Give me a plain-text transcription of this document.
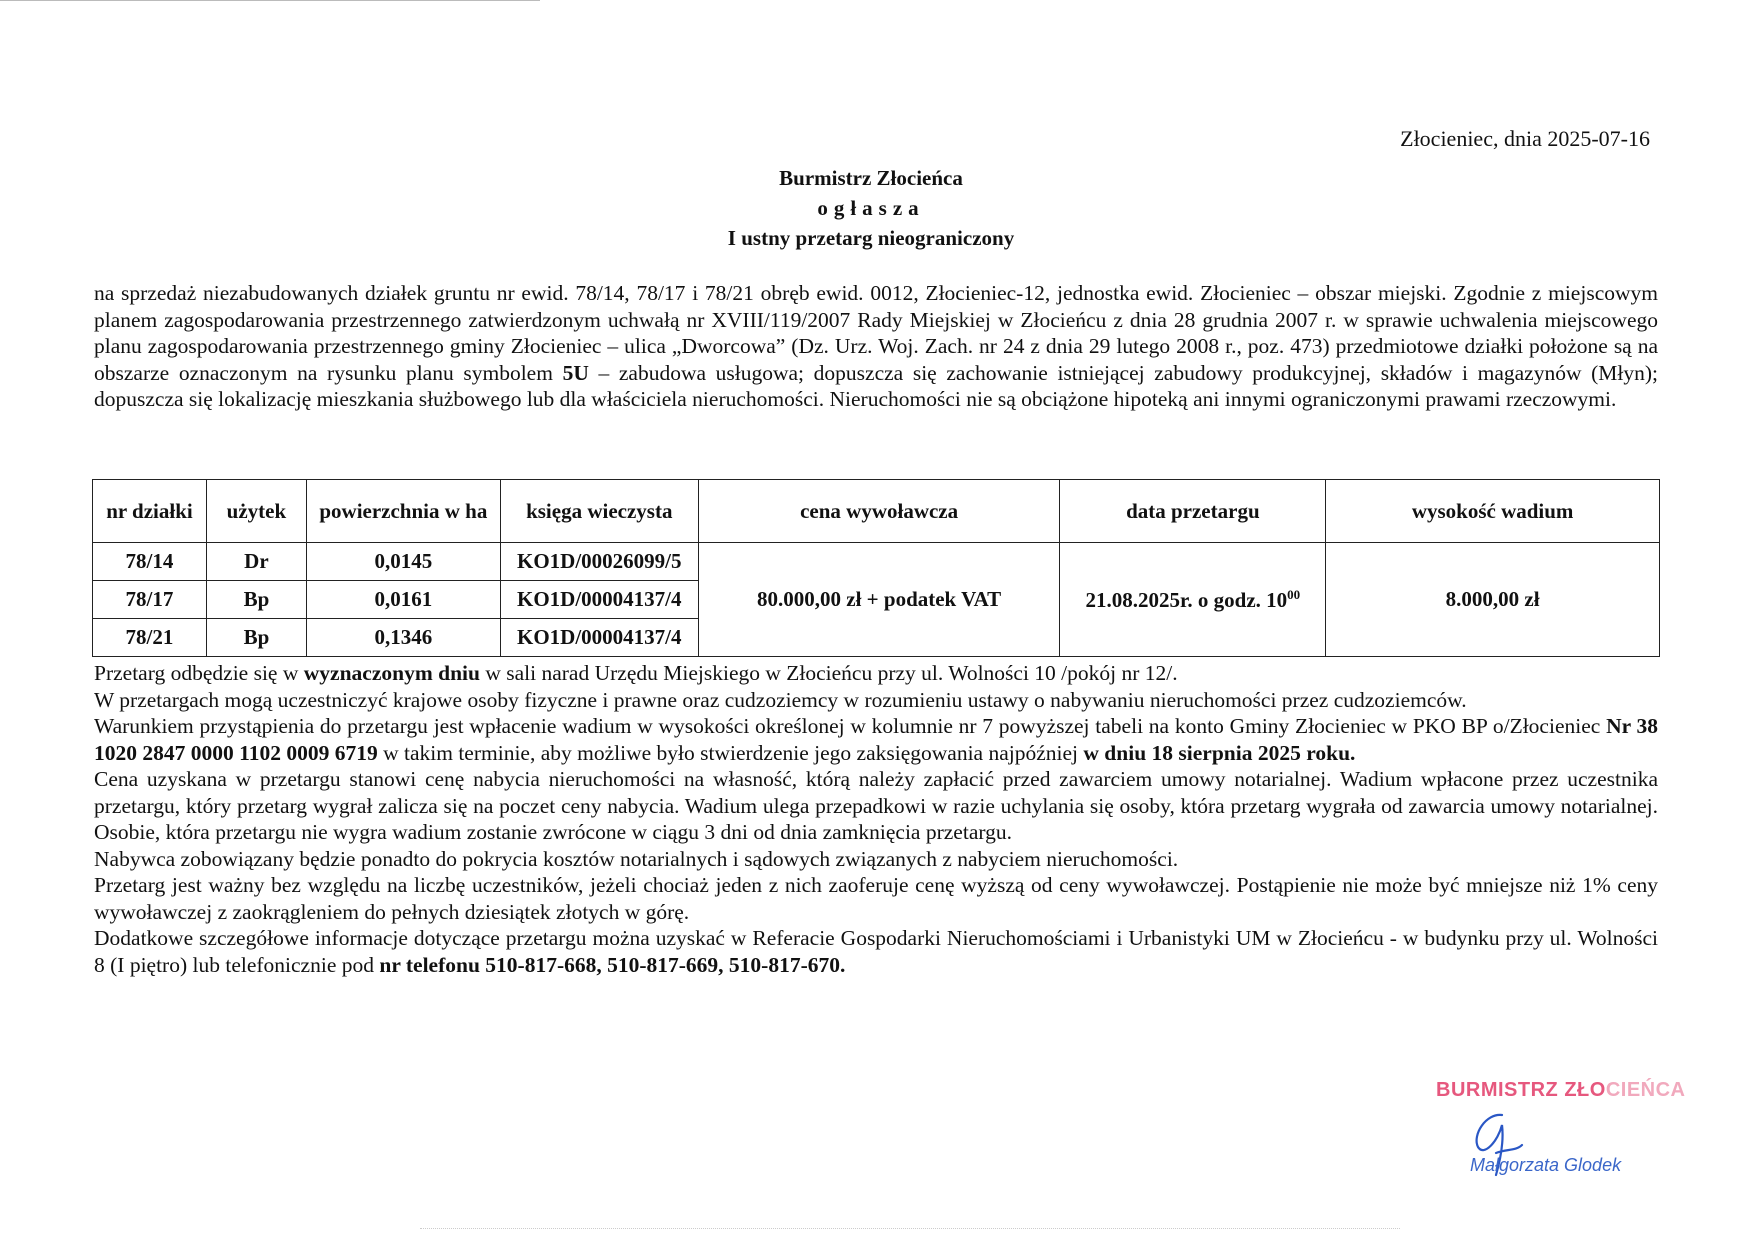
Złocieniec, dnia 2025-07-16
Burmistrz Złocieńca
ogłasza
I ustny przetarg nieograniczony
na sprzedaż niezabudowanych działek gruntu nr ewid. 78/14, 78/17 i 78/21 obręb ewid. 0012, Złocieniec-12, jednostka ewid. Złocieniec – obszar miejski. Zgodnie z miejscowym planem zagospodarowania przestrzennego zatwierdzonym uchwałą nr XVIII/119/2007 Rady Miejskiej w Złocieńcu z dnia 28 grudnia 2007 r. w sprawie uchwalenia miejscowego planu zagospodarowania przestrzennego gminy Złocieniec – ulica „Dworcowa” (Dz. Urz. Woj. Zach. nr 24 z dnia 29 lutego 2008 r., poz. 473) przedmiotowe działki położone są na obszarze oznaczonym na rysunku planu symbolem 5U – zabudowa usługowa; dopuszcza się zachowanie istniejącej zabudowy produkcyjnej, składów i magazynów (Młyn); dopuszcza się lokalizację mieszkania służbowego lub dla właściciela nieruchomości. Nieruchomości nie są obciążone hipoteką ani innymi ograniczonymi prawami rzeczowymi.
nr działki	użytek	powierzchnia w ha	księga wieczysta	cena wywoławcza	data przetargu	wysokość wadium
78/14	Dr	0,0145	KO1D/00026099/5	80.000,00 zł + podatek VAT	21.08.2025r. o godz. $10^{00}$	8.000,00 zł
78/17	Bp	0,0161	KO1D/00004137/4			
78/21	Bp	0,1346	KO1D/00004137/4			

Przetarg odbędzie się w wyznaczonym dniu w sali narad Urzędu Miejskiego w Złocieńcu przy ul. Wolności 10 /pokój nr 12/.

W przetargach mogą uczestniczyć krajowe osoby fizyczne i prawne oraz cudzoziemcy w rozumieniu ustawy o nabywaniu nieruchomości przez cudzoziemców.

Warunkiem przystąpienia do przetargu jest wpłacenie wadium w wysokości określonej w kolumnie nr 7 powyższej tabeli na konto Gminy Złocieniec w PKO BP o/Złocieniec Nr 38 1020 2847 0000 1102 0009 6719 w takim terminie, aby możliwe było stwierdzenie jego zaksięgowania najpóźniej w dniu 18 sierpnia 2025 roku.

Cena uzyskana w przetargu stanowi cenę nabycia nieruchomości na własność, którą należy zapłacić przed zawarciem umowy notarialnej. Wadium wpłacone przez uczestnika przetargu, który przetarg wygrał zalicza się na poczet ceny nabycia. Wadium ulega przepadkowi w razie uchylania się osoby, która przetarg wygrała od zawarcia umowy notarialnej. Osobie, która przetargu nie wygra wadium zostanie zwrócone w ciągu 3 dni od dnia zamknięcia przetargu.

Nabywca zobowiązany będzie ponadto do pokrycia kosztów notarialnych i sądowych związanych z nabyciem nieruchomości.

Przetarg jest ważny bez względu na liczbę uczestników, jeżeli chociaż jeden z nich zaoferuje cenę wyższą od ceny wywoławczej. Postąpienie nie może być mniejsze niż 1% ceny wywoławczej z zaokrągleniem do pełnych dziesiątek złotych w górę.

Dodatkowe szczegółowe informacje dotyczące przetargu można uzyskać w Referacie Gospodarki Nieruchomościami i Urbanistyki UM w Złocieńcu - w budynku przy ul. Wolności 8 (I piętro) lub telefonicznie pod nr telefonu 510-817-668, 510-817-669, 510-817-670.

BURMISTRZ ZŁOCIEŃCA
Małgorzata Glodek
